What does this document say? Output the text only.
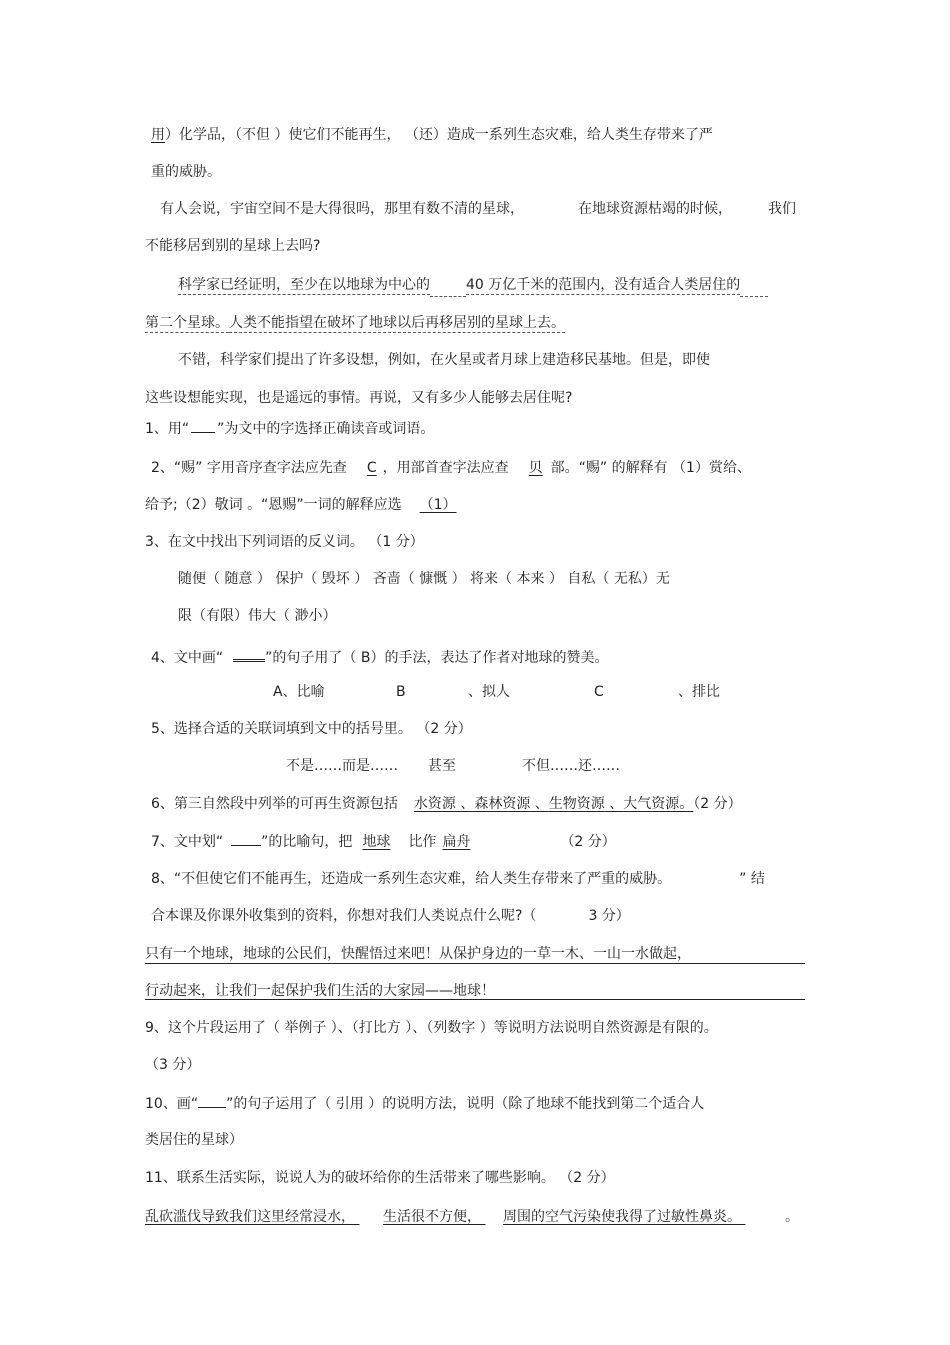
用）化学品，（不但 ）使它们不能再生， （还）造成一系列生态灾难，给人类生存带来了严
重的威胁。
有人会说，宇宙空间不是大得很吗，那里有数不清的星球，	在地球资源枯竭的时候，	我们
不能移居到别的星球上去吗?
科学家已经证明，至少在以地球为中心的	40 万亿千米的范围内，没有适合人类居住的
第二个星球。人类不能指望在破坏了地球以后再移居别的星球上去。
不错，科学家们提出了许多设想，例如，在火星或者月球上建造移民基地。但是，即使
这些设想能实现，也是遥远的事情。再说，又有多少人能够去居住呢?
1、用“ ”为文中的字选择正确读音或词语。
2、“赐” 字用音序查字法应先查 C ，用部首查字法应查 贝 部。“赐” 的解释有 （1）赏给、
给予;（2）敬词 。“恩赐”一词的解释应选 （1）
3、在文中找出下列词语的反义词。 （1 分）
随便（ 随意 ） 保护（ 毁坏 ） 吝啬（ 慷慨 ） 将来（ 本来 ） 自私（ 无私）无
限（有限）伟大（ 渺小）
4、文中画“	”的句子用了（ B）的手法，表达了作者对地球的赞美。
A、比喻	B	、拟人	C	、排比
5、选择合适的关联词填到文中的括号里。 （2 分）
不是……而是…… 甚至	不但……还……
6、第三自然段中列举的可再生资源包括 水资源 、森林资源 、生物资源 、大气资源。（2 分）
7、文中划“	”的比喻句，把 地球 比作 扁舟	（2 分）
8、“不但使它们不能再生，还造成一系列生态灾难，给人类生存带来了严重的威胁。	” 结
合本课及你课外收集到的资料，你想对我们人类说点什么呢?（	3 分）
只有一个地球，地球的公民们，快醒悟过来吧！从保护身边的一草一木、一山一水做起，
行动起来，让我们一起保护我们生活的大家园——地球！
9、这个片段运用了（ 举例子 ）、（打比方 ）、（列数字 ）等说明方法说明自然资源是有限的。
（3 分）
10、画“ ”的句子运用了（ 引用 ）的说明方法，说明（除了地球不能找到第二个适合人
类居住的星球）
11、联系生活实际，说说人为的破坏给你的生活带来了哪些影响。 （2 分）
乱砍滥伐导致我们这里经常浸水， 生活很不方便， 周围的空气污染使我得了过敏性鼻炎。	。
